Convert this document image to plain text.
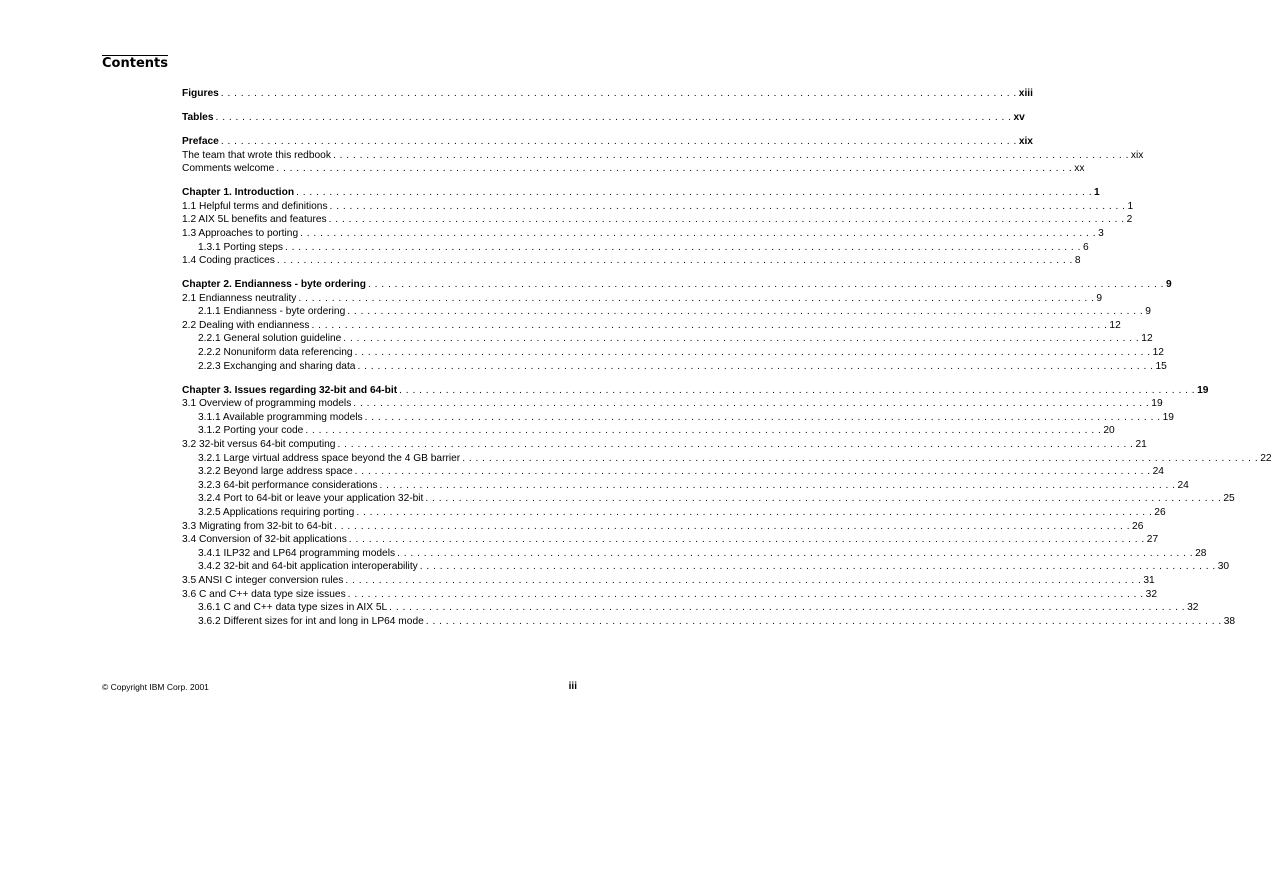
Contents
Figures . . . . . . . . . . . . . . . . . . . . . . . . . . . . . . . . . . . . . . . . . . . . . . . . . . . . . . . . . . . . . . . . . . . . . . . . . . . . . . . . . . . . . . . . . . . . . . . . . . . . . . . . . . . . . . . . . . . . . . . . xiii
Tables . . . . . . . . . . . . . . . . . . . . . . . . . . . . . . . . . . . . . . . . . . . . . . . . . . . . . . . . . . . . . . . . . . . . . . . . . . . . . . . . . . . . . . . . . . . . . . . . . . . . . . . . . . . . . . . . . . . . . . . . xv
Preface . . . . . . . . . . . . . . . . . . . . . . . . . . . . . . . . . . . . . . . . . . . . . . . . . . . . . . . . . . . . . . . . . . . . . . . . . . . . . . . . . . . . . . . . . . . . . . . . . . . . . . . . . . . . . . . . . . . . . . . . xix
The team that wrote this redbook . . . . . . . . . . . . . . . . . . . . . . . . . . . . . . . . . . . . . . . . . . . . . . . . . . . . . . . . . . . . . . . . . . . . . . . . . . . . . . . . . . . . . . . . . . . . . . . . . . . . . . . . . . . . . . . . . . . . . . . . xix
Comments welcome . . . . . . . . . . . . . . . . . . . . . . . . . . . . . . . . . . . . . . . . . . . . . . . . . . . . . . . . . . . . . . . . . . . . . . . . . . . . . . . . . . . . . . . . . . . . . . . . . . . . . . . . . . . . . . . . . . . . . . . . xx
Chapter 1. Introduction . . . . . . . . . . . . . . . . . . . . . . . . . . . . . . . . . . . . . . . . . . . . . . . . . . . . . . . . . . . . . . . . . . . . . . . . . . . . . . . . . . . . . . . . . . . . . . . . . . . . . . . . . . . . . . . . . . . . . . . . 1
1.1 Helpful terms and definitions . . . . . . . . . . . . . . . . . . . . . . . . . . . . . . . . . . . . . . . . . . . . . . . . . . . . . . . . . . . . . . . . . . . . . . . . . . . . . . . . . . . . . . . . . . . . . . . . . . . . . . . . . . . . . . . . . . . . . . . . 1
1.2 AIX 5L benefits and features . . . . . . . . . . . . . . . . . . . . . . . . . . . . . . . . . . . . . . . . . . . . . . . . . . . . . . . . . . . . . . . . . . . . . . . . . . . . . . . . . . . . . . . . . . . . . . . . . . . . . . . . . . . . . . . . . . . . . . . . 2
1.3 Approaches to porting . . . . . . . . . . . . . . . . . . . . . . . . . . . . . . . . . . . . . . . . . . . . . . . . . . . . . . . . . . . . . . . . . . . . . . . . . . . . . . . . . . . . . . . . . . . . . . . . . . . . . . . . . . . . . . . . . . . . . . . . 3
1.3.1 Porting steps . . . . . . . . . . . . . . . . . . . . . . . . . . . . . . . . . . . . . . . . . . . . . . . . . . . . . . . . . . . . . . . . . . . . . . . . . . . . . . . . . . . . . . . . . . . . . . . . . . . . . . . . . . . . . . . . . . . . . . . . 6
1.4 Coding practices . . . . . . . . . . . . . . . . . . . . . . . . . . . . . . . . . . . . . . . . . . . . . . . . . . . . . . . . . . . . . . . . . . . . . . . . . . . . . . . . . . . . . . . . . . . . . . . . . . . . . . . . . . . . . . . . . . . . . . . . 8
Chapter 2. Endianness - byte ordering . . . . . . . . . . . . . . . . . . . . . . . . . . . . . . . . . . . . . . . . . . . . . . . . . . . . . . . . . . . . . . . . . . . . . . . . . . . . . . . . . . . . . . . . . . . . . . . . . . . . . . . . . . . . . . . . . . . . . . . . 9
2.1 Endianness neutrality . . . . . . . . . . . . . . . . . . . . . . . . . . . . . . . . . . . . . . . . . . . . . . . . . . . . . . . . . . . . . . . . . . . . . . . . . . . . . . . . . . . . . . . . . . . . . . . . . . . . . . . . . . . . . . . . . . . . . . . . 9
2.1.1 Endianness - byte ordering . . . . . . . . . . . . . . . . . . . . . . . . . . . . . . . . . . . . . . . . . . . . . . . . . . . . . . . . . . . . . . . . . . . . . . . . . . . . . . . . . . . . . . . . . . . . . . . . . . . . . . . . . . . . . . . . . . . . . . . . 9
2.2 Dealing with endianness . . . . . . . . . . . . . . . . . . . . . . . . . . . . . . . . . . . . . . . . . . . . . . . . . . . . . . . . . . . . . . . . . . . . . . . . . . . . . . . . . . . . . . . . . . . . . . . . . . . . . . . . . . . . . . . . . . . . . . . . 12
2.2.1 General solution guideline . . . . . . . . . . . . . . . . . . . . . . . . . . . . . . . . . . . . . . . . . . . . . . . . . . . . . . . . . . . . . . . . . . . . . . . . . . . . . . . . . . . . . . . . . . . . . . . . . . . . . . . . . . . . . . . . . . . . . . . . 12
2.2.2 Nonuniform data referencing . . . . . . . . . . . . . . . . . . . . . . . . . . . . . . . . . . . . . . . . . . . . . . . . . . . . . . . . . . . . . . . . . . . . . . . . . . . . . . . . . . . . . . . . . . . . . . . . . . . . . . . . . . . . . . . . . . . . . . . . 12
2.2.3 Exchanging and sharing data . . . . . . . . . . . . . . . . . . . . . . . . . . . . . . . . . . . . . . . . . . . . . . . . . . . . . . . . . . . . . . . . . . . . . . . . . . . . . . . . . . . . . . . . . . . . . . . . . . . . . . . . . . . . . . . . . . . . . . . . 15
Chapter 3. Issues regarding 32-bit and 64-bit . . . . . . . . . . . . . . . . . . . . . . . . . . . . . . . . . . . . . . . . . . . . . . . . . . . . . . . . . . . . . . . . . . . . . . . . . . . . . . . . . . . . . . . . . . . . . . . . . . . . . . . . . . . . . . . . . . . . . . . . 19
3.1 Overview of programming models . . . . . . . . . . . . . . . . . . . . . . . . . . . . . . . . . . . . . . . . . . . . . . . . . . . . . . . . . . . . . . . . . . . . . . . . . . . . . . . . . . . . . . . . . . . . . . . . . . . . . . . . . . . . . . . . . . . . . . . . 19
3.1.1 Available programming models . . . . . . . . . . . . . . . . . . . . . . . . . . . . . . . . . . . . . . . . . . . . . . . . . . . . . . . . . . . . . . . . . . . . . . . . . . . . . . . . . . . . . . . . . . . . . . . . . . . . . . . . . . . . . . . . . . . . . . . . 19
3.1.2 Porting your code . . . . . . . . . . . . . . . . . . . . . . . . . . . . . . . . . . . . . . . . . . . . . . . . . . . . . . . . . . . . . . . . . . . . . . . . . . . . . . . . . . . . . . . . . . . . . . . . . . . . . . . . . . . . . . . . . . . . . . . . 20
3.2 32-bit versus 64-bit computing . . . . . . . . . . . . . . . . . . . . . . . . . . . . . . . . . . . . . . . . . . . . . . . . . . . . . . . . . . . . . . . . . . . . . . . . . . . . . . . . . . . . . . . . . . . . . . . . . . . . . . . . . . . . . . . . . . . . . . . . 21
3.2.1 Large virtual address space beyond the 4 GB barrier . . . . . . . . . . . . . . . . . . . . . . . . . . . . . . . . . . . . . . . . . . . . . . . . . . . . . . . . . . . . . . . . . . . . . . . . . . . . . . . . . . . . . . . . . . . . . . . . . . . . . . . . . . . . . . . . . . . . . . . . 22
3.2.2 Beyond large address space . . . . . . . . . . . . . . . . . . . . . . . . . . . . . . . . . . . . . . . . . . . . . . . . . . . . . . . . . . . . . . . . . . . . . . . . . . . . . . . . . . . . . . . . . . . . . . . . . . . . . . . . . . . . . . . . . . . . . . . . 24
3.2.3 64-bit performance considerations . . . . . . . . . . . . . . . . . . . . . . . . . . . . . . . . . . . . . . . . . . . . . . . . . . . . . . . . . . . . . . . . . . . . . . . . . . . . . . . . . . . . . . . . . . . . . . . . . . . . . . . . . . . . . . . . . . . . . . . . 24
3.2.4 Port to 64-bit or leave your application 32-bit . . . . . . . . . . . . . . . . . . . . . . . . . . . . . . . . . . . . . . . . . . . . . . . . . . . . . . . . . . . . . . . . . . . . . . . . . . . . . . . . . . . . . . . . . . . . . . . . . . . . . . . . . . . . . . . . . . . . . . . . 25
3.2.5 Applications requiring porting . . . . . . . . . . . . . . . . . . . . . . . . . . . . . . . . . . . . . . . . . . . . . . . . . . . . . . . . . . . . . . . . . . . . . . . . . . . . . . . . . . . . . . . . . . . . . . . . . . . . . . . . . . . . . . . . . . . . . . . . 26
3.3 Migrating from 32-bit to 64-bit . . . . . . . . . . . . . . . . . . . . . . . . . . . . . . . . . . . . . . . . . . . . . . . . . . . . . . . . . . . . . . . . . . . . . . . . . . . . . . . . . . . . . . . . . . . . . . . . . . . . . . . . . . . . . . . . . . . . . . . . 26
3.4 Conversion of 32-bit applications . . . . . . . . . . . . . . . . . . . . . . . . . . . . . . . . . . . . . . . . . . . . . . . . . . . . . . . . . . . . . . . . . . . . . . . . . . . . . . . . . . . . . . . . . . . . . . . . . . . . . . . . . . . . . . . . . . . . . . . . 27
3.4.1 ILP32 and LP64 programming models . . . . . . . . . . . . . . . . . . . . . . . . . . . . . . . . . . . . . . . . . . . . . . . . . . . . . . . . . . . . . . . . . . . . . . . . . . . . . . . . . . . . . . . . . . . . . . . . . . . . . . . . . . . . . . . . . . . . . . . . 28
3.4.2 32-bit and 64-bit application interoperability . . . . . . . . . . . . . . . . . . . . . . . . . . . . . . . . . . . . . . . . . . . . . . . . . . . . . . . . . . . . . . . . . . . . . . . . . . . . . . . . . . . . . . . . . . . . . . . . . . . . . . . . . . . . . . . . . . . . . . . . 30
3.5 ANSI C integer conversion rules . . . . . . . . . . . . . . . . . . . . . . . . . . . . . . . . . . . . . . . . . . . . . . . . . . . . . . . . . . . . . . . . . . . . . . . . . . . . . . . . . . . . . . . . . . . . . . . . . . . . . . . . . . . . . . . . . . . . . . . . 31
3.6 C and C++ data type size issues . . . . . . . . . . . . . . . . . . . . . . . . . . . . . . . . . . . . . . . . . . . . . . . . . . . . . . . . . . . . . . . . . . . . . . . . . . . . . . . . . . . . . . . . . . . . . . . . . . . . . . . . . . . . . . . . . . . . . . . . 32
3.6.1 C and C++ data type sizes in AIX 5L . . . . . . . . . . . . . . . . . . . . . . . . . . . . . . . . . . . . . . . . . . . . . . . . . . . . . . . . . . . . . . . . . . . . . . . . . . . . . . . . . . . . . . . . . . . . . . . . . . . . . . . . . . . . . . . . . . . . . . . . 32
3.6.2 Different sizes for int and long in LP64 mode . . . . . . . . . . . . . . . . . . . . . . . . . . . . . . . . . . . . . . . . . . . . . . . . . . . . . . . . . . . . . . . . . . . . . . . . . . . . . . . . . . . . . . . . . . . . . . . . . . . . . . . . . . . . . . . . . . . . . . . . 38
© Copyright IBM Corp. 2001	iii
